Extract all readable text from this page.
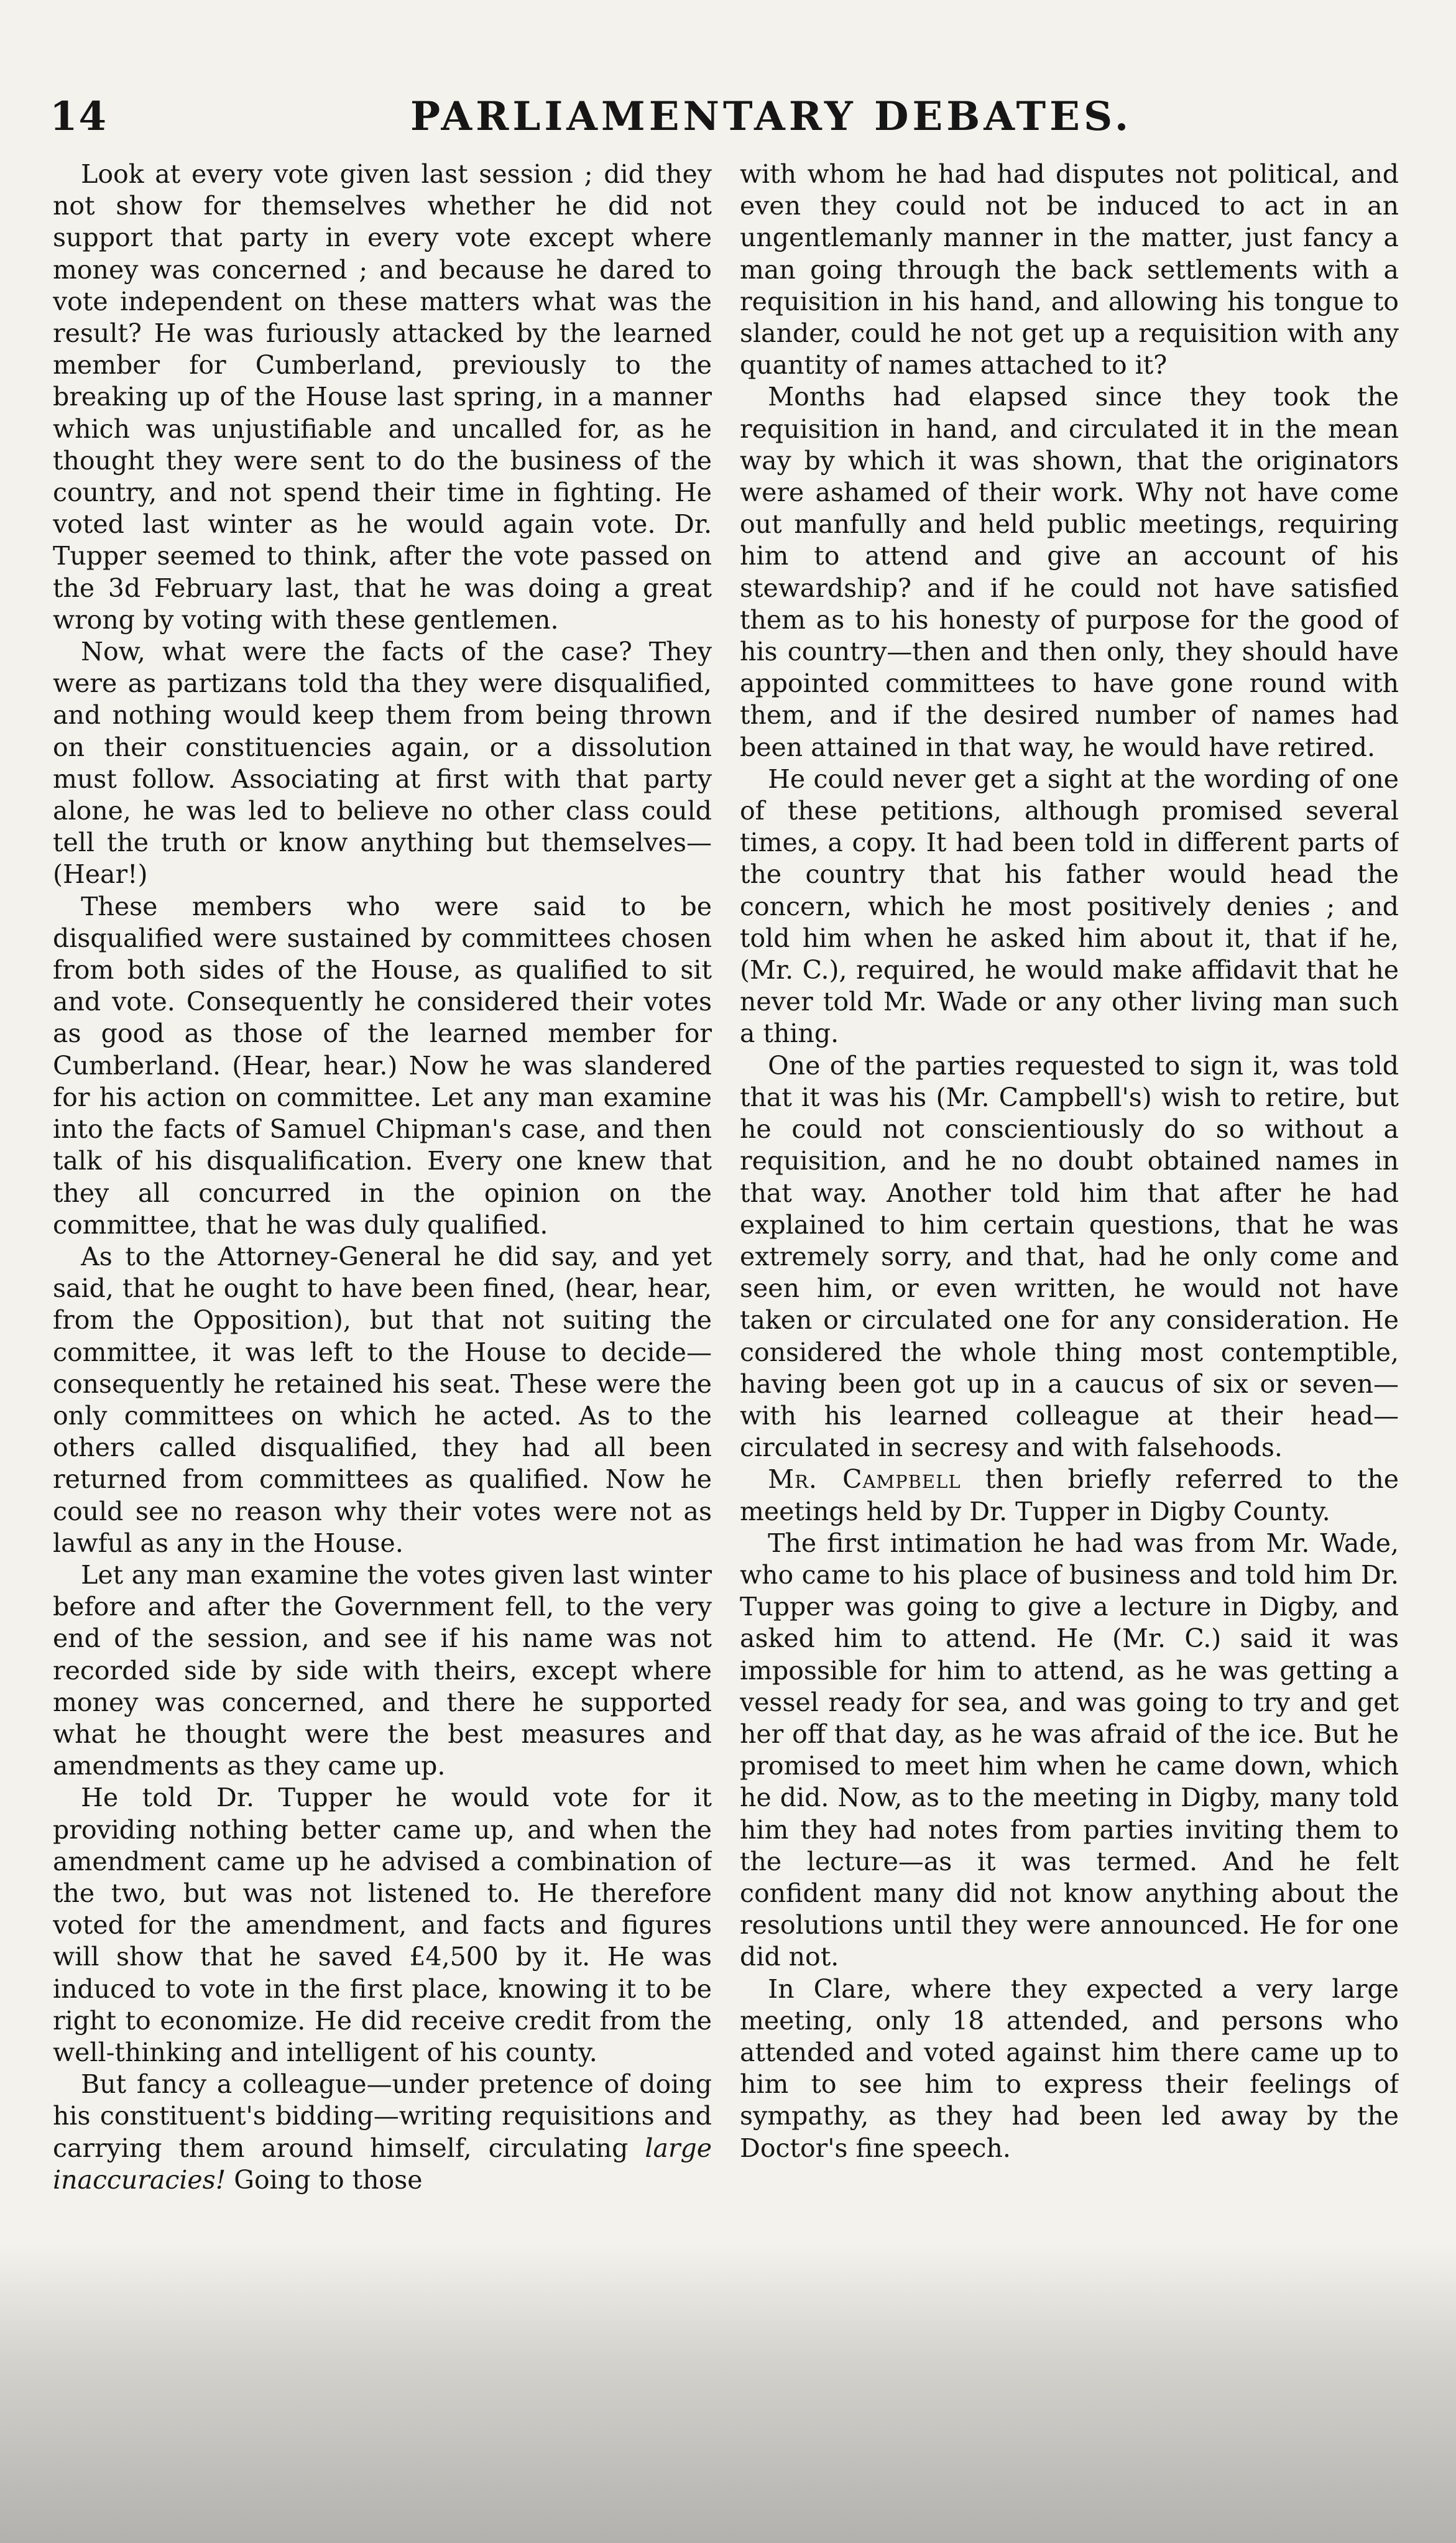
14	PARLIAMENTARY DEBATES.

Look at every vote given last session ; did they not show for themselves whether he did not support that party in every vote except where money was concerned ; and because he dared to vote independent on these matters what was the result? He was furiously attacked by the learned member for Cumberland, previously to the breaking up of the House last spring, in a manner which was unjustifiable and uncalled for, as he thought they were sent to do the business of the country, and not spend their time in fighting. He voted last winter as he would again vote. Dr. Tupper seemed to think, after the vote passed on the 3d February last, that he was doing a great wrong by voting with these gentlemen.

Now, what were the facts of the case? They were as partizans told tha they were disqualified, and nothing would keep them from being thrown on their constituencies again, or a dissolution must follow. Associating at first with that party alone, he was led to believe no other class could tell the truth or know anything but themselves—(Hear!)

These members who were said to be disqualified were sustained by committees chosen from both sides of the House, as qualified to sit and vote. Consequently he considered their votes as good as those of the learned member for Cumberland. (Hear, hear.) Now he was slandered for his action on committee. Let any man examine into the facts of Samuel Chipman's case, and then talk of his disqualification. Every one knew that they all concurred in the opinion on the committee, that he was duly qualified.

As to the Attorney-General he did say, and yet said, that he ought to have been fined, (hear, hear, from the Opposition), but that not suiting the committee, it was left to the House to decide—consequently he retained his seat. These were the only committees on which he acted. As to the others called disqualified, they had all been returned from committees as qualified. Now he could see no reason why their votes were not as lawful as any in the House.

Let any man examine the votes given last winter before and after the Government fell, to the very end of the session, and see if his name was not recorded side by side with theirs, except where money was concerned, and there he supported what he thought were the best measures and amendments as they came up.

He told Dr. Tupper he would vote for it providing nothing better came up, and when the amendment came up he advised a combination of the two, but was not listened to. He therefore voted for the amendment, and facts and figures will show that he saved £4,500 by it. He was induced to vote in the first place, knowing it to be right to economize. He did receive credit from the well-thinking and intelligent of his county.

But fancy a colleague—under pretence of doing his constituent's bidding—writing requisitions and carrying them around himself, circulating large inaccuracies! Going to those

with whom he had had disputes not political, and even they could not be induced to act in an ungentlemanly manner in the matter, just fancy a man going through the back settlements with a requisition in his hand, and allowing his tongue to slander, could he not get up a requisition with any quantity of names attached to it?

Months had elapsed since they took the requisition in hand, and circulated it in the mean way by which it was shown, that the originators were ashamed of their work. Why not have come out manfully and held public meetings, requiring him to attend and give an account of his stewardship? and if he could not have satisfied them as to his honesty of purpose for the good of his country—then and then only, they should have appointed committees to have gone round with them, and if the desired number of names had been attained in that way, he would have retired.

He could never get a sight at the wording of one of these petitions, although promised several times, a copy. It had been told in different parts of the country that his father would head the concern, which he most positively denies ; and told him when he asked him about it, that if he, (Mr. C.), required, he would make affidavit that he never told Mr. Wade or any other living man such a thing.

One of the parties requested to sign it, was told that it was his (Mr. Campbell's) wish to retire, but he could not conscientiously do so without a requisition, and he no doubt obtained names in that way. Another told him that after he had explained to him certain questions, that he was extremely sorry, and that, had he only come and seen him, or even written, he would not have taken or circulated one for any consideration. He considered the whole thing most contemptible, having been got up in a caucus of six or seven—with his learned colleague at their head—circulated in secresy and with falsehoods.

Mr. Campbell then briefly referred to the meetings held by Dr. Tupper in Digby County.

The first intimation he had was from Mr. Wade, who came to his place of business and told him Dr. Tupper was going to give a lecture in Digby, and asked him to attend. He (Mr. C.) said it was impossible for him to attend, as he was getting a vessel ready for sea, and was going to try and get her off that day, as he was afraid of the ice. But he promised to meet him when he came down, which he did. Now, as to the meeting in Digby, many told him they had notes from parties inviting them to the lecture—as it was termed. And he felt confident many did not know anything about the resolutions until they were announced. He for one did not.

In Clare, where they expected a very large meeting, only 18 attended, and persons who attended and voted against him there came up to him to see him to express their feelings of sympathy, as they had been led away by the Doctor's fine speech.
